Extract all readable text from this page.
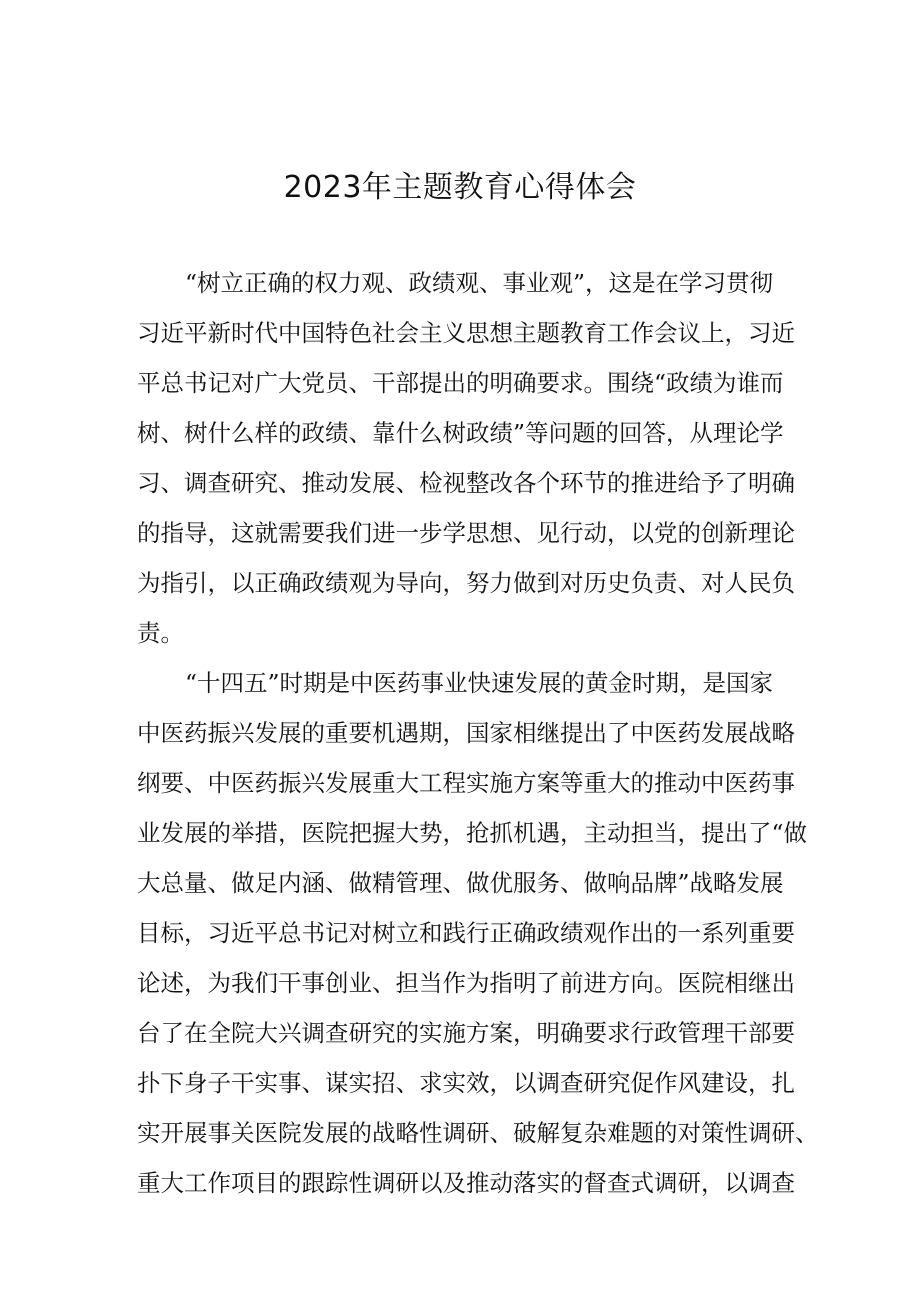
2023年主题教育心得体会
“树立正确的权力观、政绩观、事业观”，这是在学习贯彻
习近平新时代中国特色社会主义思想主题教育工作会议上，习近
平总书记对广大党员、干部提出的明确要求。围绕“政绩为谁而
树、树什么样的政绩、靠什么树政绩”等问题的回答，从理论学
习、调查研究、推动发展、检视整改各个环节的推进给予了明确
的指导，这就需要我们进一步学思想、见行动，以党的创新理论
为指引，以正确政绩观为导向，努力做到对历史负责、对人民负
责。
“十四五”时期是中医药事业快速发展的黄金时期，是国家
中医药振兴发展的重要机遇期，国家相继提出了中医药发展战略
纲要、中医药振兴发展重大工程实施方案等重大的推动中医药事
业发展的举措，医院把握大势，抢抓机遇，主动担当，提出了“做
大总量、做足内涵、做精管理、做优服务、做响品牌”战略发展
目标，习近平总书记对树立和践行正确政绩观作出的一系列重要
论述，为我们干事创业、担当作为指明了前进方向。医院相继出
台了在全院大兴调查研究的实施方案，明确要求行政管理干部要
扑下身子干实事、谋实招、求实效，以调查研究促作风建设，扎
实开展事关医院发展的战略性调研、破解复杂难题的对策性调研、
重大工作项目的跟踪性调研以及推动落实的督查式调研，以调查
